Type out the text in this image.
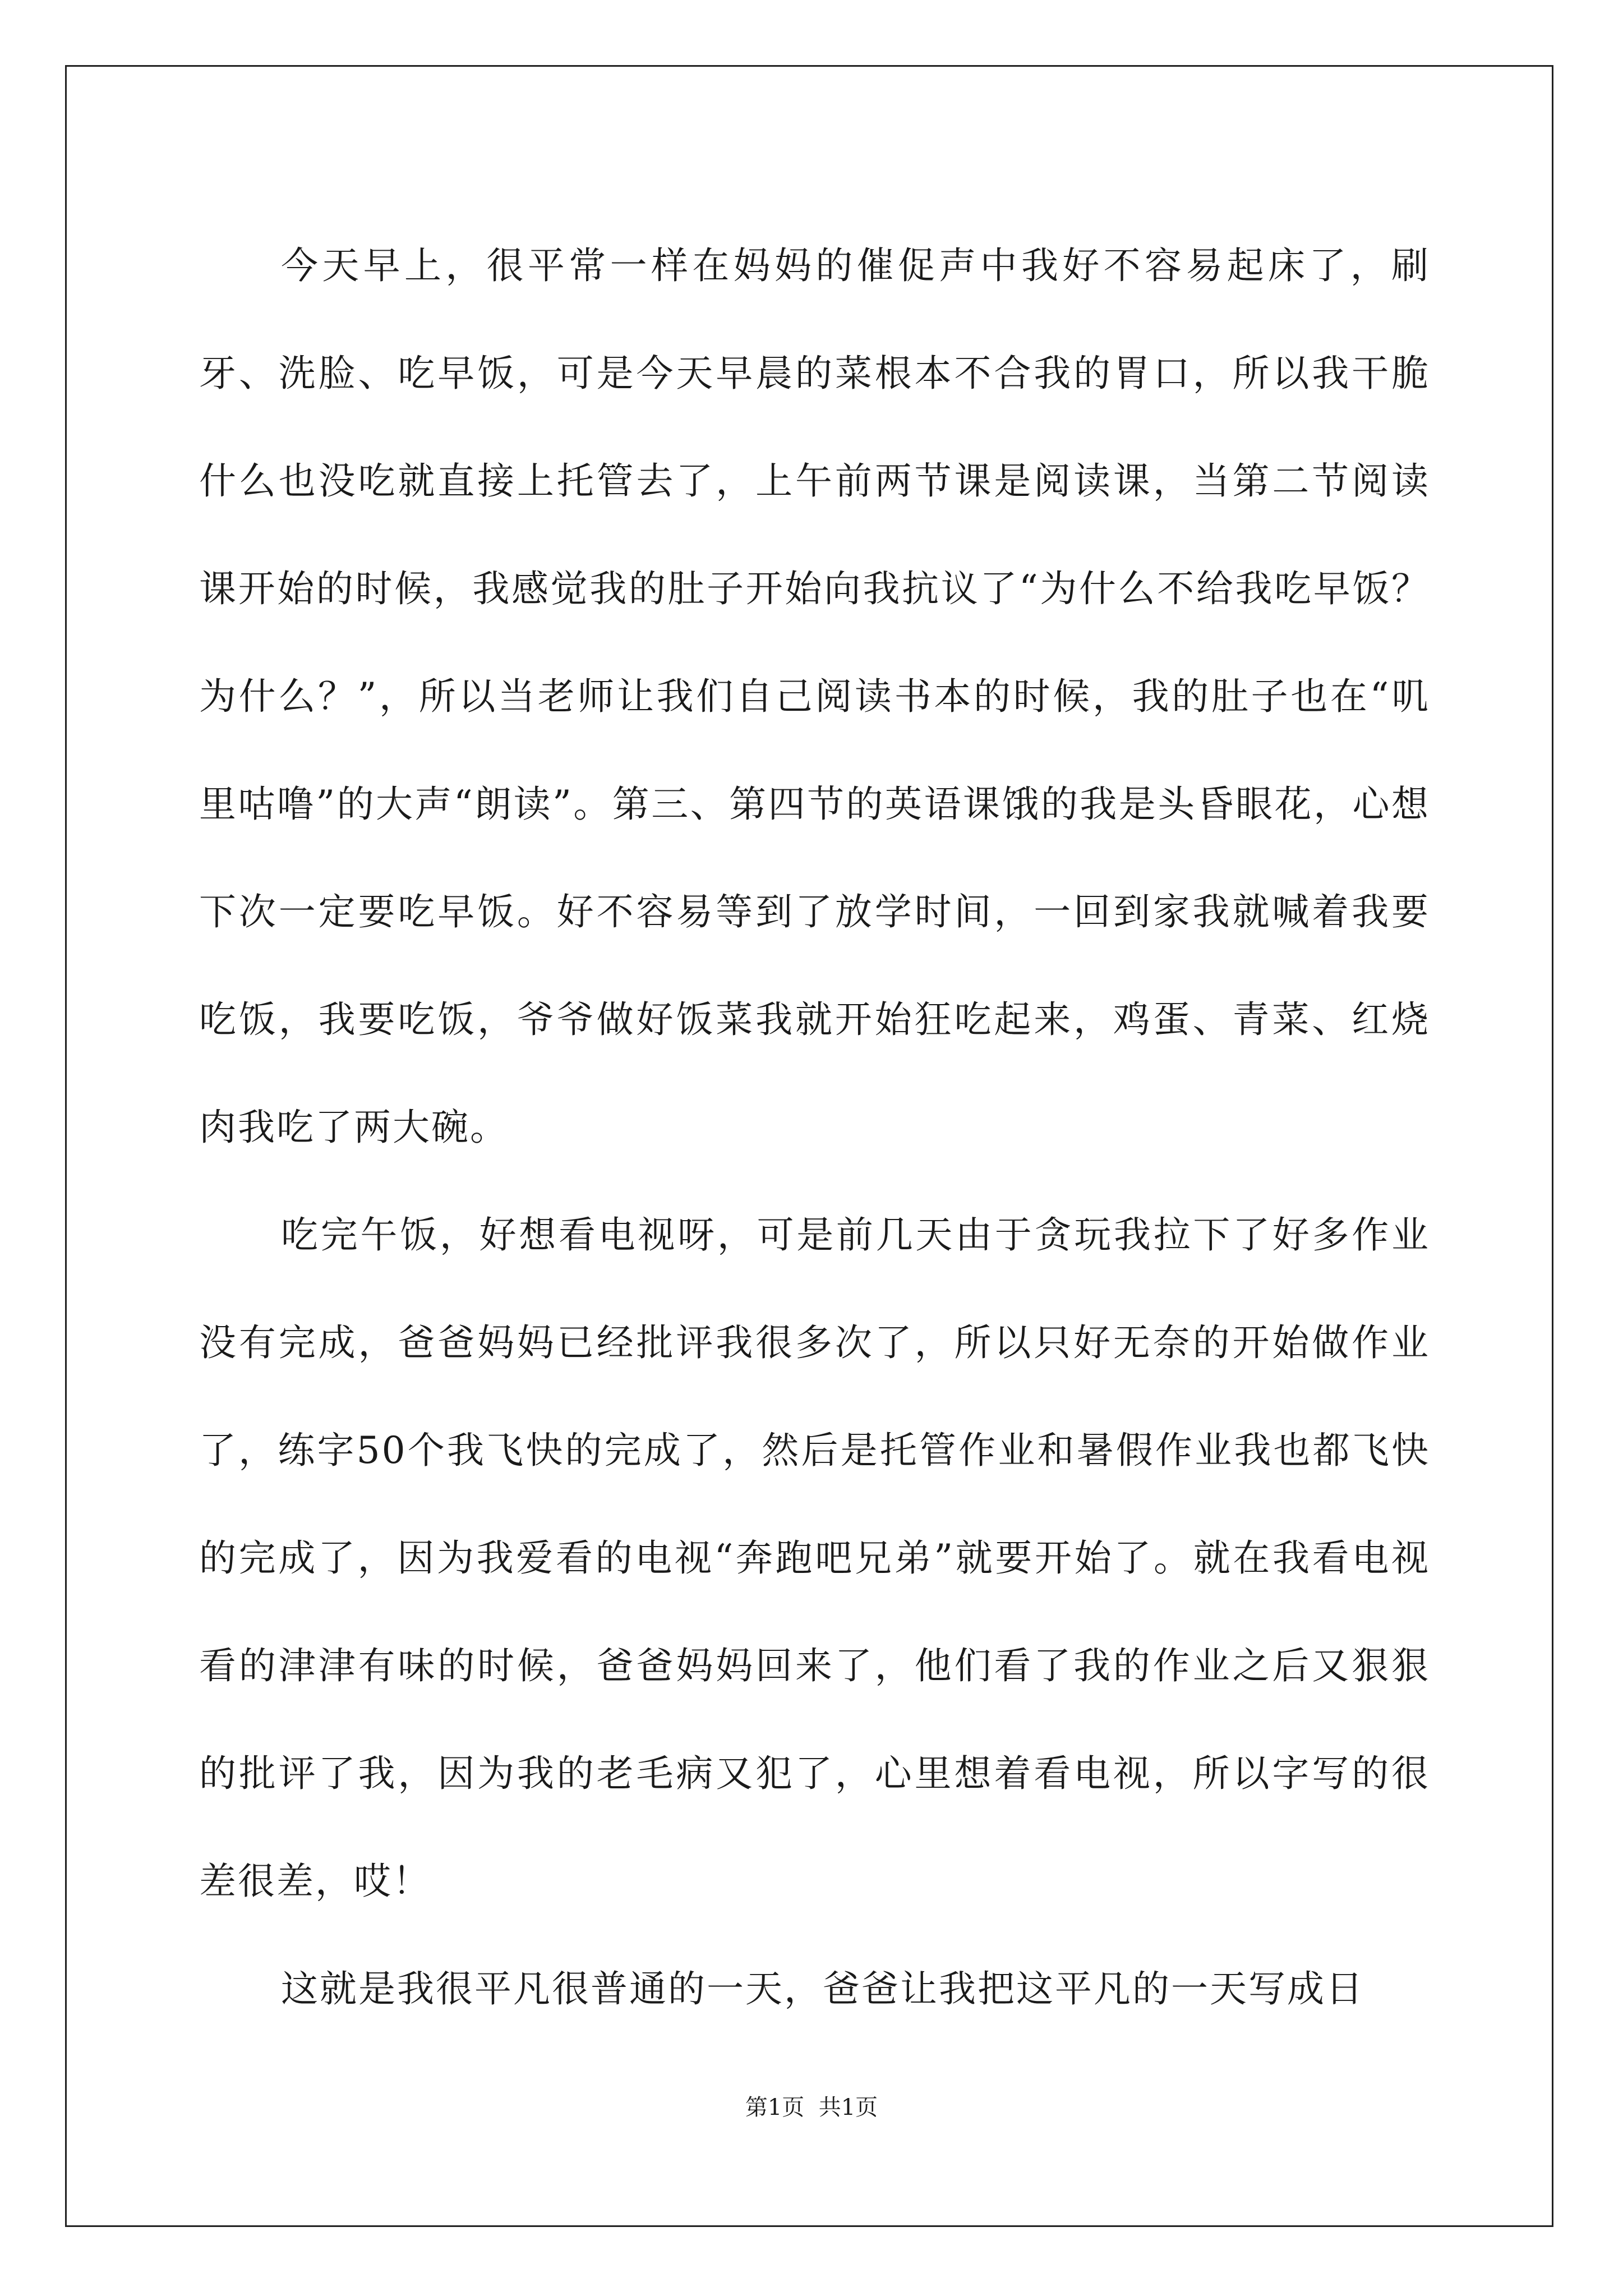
今天早上，很平常一样在妈妈的催促声中我好不容易起床了，刷牙、洗脸、吃早饭，可是今天早晨的菜根本不合我的胃口，所以我干脆什么也没吃就直接上托管去了，上午前两节课是阅读课，当第二节阅读课开始的时候，我感觉我的肚子开始向我抗议了“为什么不给我吃早饭？为什么？”，所以当老师让我们自己阅读书本的时候，我的肚子也在“叽里咕噜”的大声“朗读”。第三、第四节的英语课饿的我是头昏眼花，心想下次一定要吃早饭。好不容易等到了放学时间，一回到家我就喊着我要吃饭，我要吃饭，爷爷做好饭菜我就开始狂吃起来，鸡蛋、青菜、红烧肉我吃了两大碗。

吃完午饭，好想看电视呀，可是前几天由于贪玩我拉下了好多作业没有完成，爸爸妈妈已经批评我很多次了，所以只好无奈的开始做作业了，练字50个我飞快的完成了，然后是托管作业和暑假作业我也都飞快的完成了，因为我爱看的电视“奔跑吧兄弟”就要开始了。就在我看电视看的津津有味的时候，爸爸妈妈回来了，他们看了我的作业之后又狠狠的批评了我，因为我的老毛病又犯了，心里想着看电视，所以字写的很差很差，哎！

这就是我很平凡很普通的一天，爸爸让我把这平凡的一天写成日

第1页  共1页
